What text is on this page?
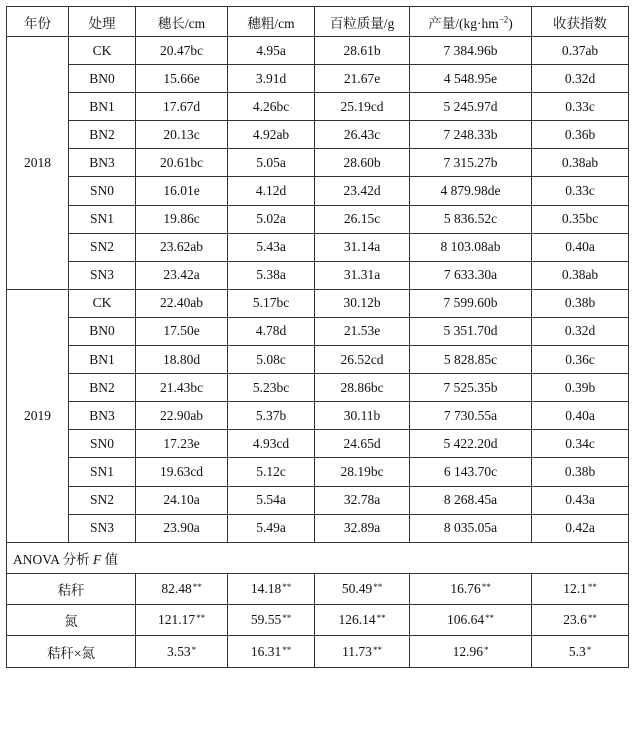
年份	处理	穗长/cm	穗粗/cm	百粒质量/g	产量$/(kg\cdot hm^{-2})$	收获指数
2018	CK	20.47bc	4.95a	28.61b	7 384.96b	0.37ab
	BN0	15.66e	3.91d	21.67e	4 548.95e	0.32d
	BN1	17.67d	4.26bc	25.19cd	5 245.97d	0.33c
	BN2	20.13c	4.92ab	26.43c	7 248.33b	0.36b
	BN3	20.61bc	5.05a	28.60b	7 315.27b	0.38ab
	SN0	16.01e	4.12d	23.42d	4 879.98de	0.33c
	SN1	19.86c	5.02a	26.15c	5 836.52c	0.35bc
	SN2	23.62ab	5.43a	31.14a	8 103.08ab	0.40a
	SN3	23.42a	5.38a	31.31a	7 633.30a	0.38ab
2019	CK	22.40ab	5.17bc	30.12b	7 599.60b	0.38b
	BN0	17.50e	4.78d	21.53e	5 351.70d	0.32d
	BN1	18.80d	5.08c	26.52cd	5 828.85c	0.36c
	BN2	21.43bc	5.23bc	28.86bc	7 525.35b	0.39b
	BN3	22.90ab	5.37b	30.11b	7 730.55a	0.40a
	SN0	17.23e	4.93cd	24.65d	5 422.20d	0.34c
	SN1	19.63cd	5.12c	28.19bc	6 143.70c	0.38b
	SN2	24.10a	5.54a	32.78a	8 268.45a	0.43a
	SN3	23.90a	5.49a	32.89a	8 035.05a	0.42a
ANOVA 分析 F 值						
秸秆		82.48**	14.18**	50.49**	16.76**	12.1**
氮		121.17**	59.55**	126.14**	106.64**	23.6**
秸秆×氮		3.53*	16.31**	11.73**	12.96*	5.3*
